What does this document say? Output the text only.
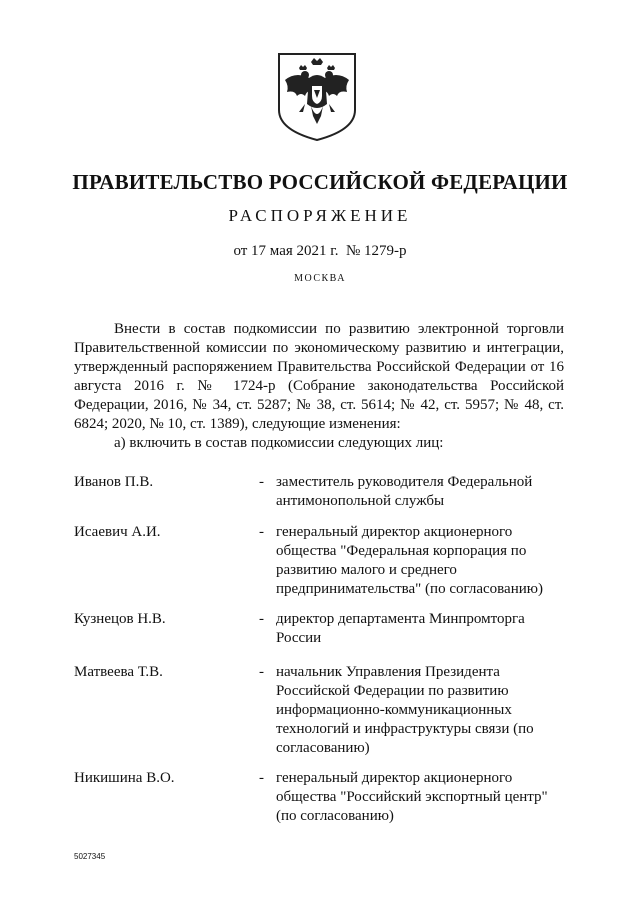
ПРАВИТЕЛЬСТВО РОССИЙСКОЙ ФЕДЕРАЦИИ
РАСПОРЯЖЕНИЕ
от 17 мая 2021 г.  № 1279-р
МОСКВА

Внести в состав подкомиссии по развитию электронной торговли Правительственной комиссии по экономическому развитию и интеграции, утвержденный распоряжением Правительства Российской Федерации от 16 августа 2016 г. № 1724-р (Собрание законодательства Российской Федерации, 2016, № 34, ст. 5287; № 38, ст. 5614; № 42, ст. 5957; № 48, ст. 6824; 2020, № 10, ст. 1389), следующие изменения:

а) включить в состав подкомиссии следующих лиц:
Иванов П.В.	- заместитель руководителя Федеральной антимонопольной службы
Исаевич А.И.	- генеральный директор акционерного общества "Федеральная корпорация по развитию малого и среднего предпринимательства" (по согласованию)
Кузнецов Н.В.	- директор департамента Минпромторга России
Матвеева Т.В.	- начальник Управления Президента Российской Федерации по развитию информационно-коммуникационных технологий и инфраструктуры связи (по согласованию)
Никишина В.О.	- генеральный директор акционерного общества "Российский экспортный центр" (по согласованию)
5027345
